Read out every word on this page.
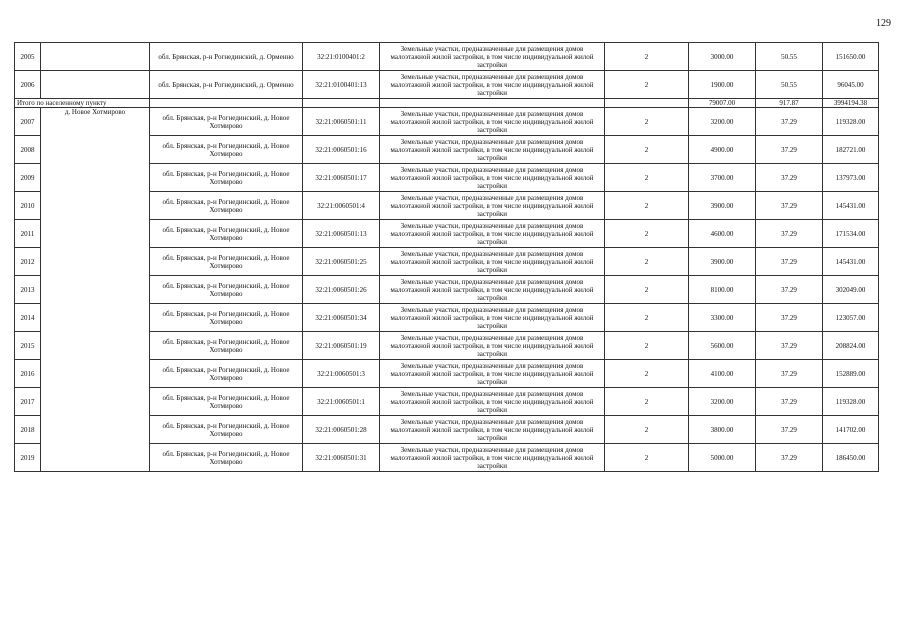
129
2005		обл. Брянская, р-н Рогнединский, д. Орменно	32:21:0100401:2	Земельные участки, предназначенные для размещения домов малоэтажной жилой застройки, в том числе индивидуальной жилой застройки	2	3000.00	50.55	151650.00
2006		обл. Брянская, р-н Рогнединский, д. Орменно	32:21:0100401:13	Земельные участки, предназначенные для размещения домов малоэтажной жилой застройки, в том числе индивидуальной жилой застройки	2	1900.00	50.55	96045.00
Итого по населенному пункту						79007.00	917.87	3994194.38
2007	д. Новое Хотмирово	обл. Брянская, р-н Рогнединский, д. Новое Хотмирово	32:21:0060501:11	Земельные участки, предназначенные для размещения домов малоэтажной жилой застройки, в том числе индивидуальной жилой застройки	2	3200.00	37.29	119328.00
2008		обл. Брянская, р-н Рогнединский, д. Новое Хотмирово	32:21:0060501:16	Земельные участки, предназначенные для размещения домов малоэтажной жилой застройки, в том числе индивидуальной жилой застройки	2	4900.00	37.29	182721.00
2009		обл. Брянская, р-н Рогнединский, д. Новое Хотмирово	32:21:0060501:17	Земельные участки, предназначенные для размещения домов малоэтажной жилой застройки, в том числе индивидуальной жилой застройки	2	3700.00	37.29	137973.00
2010		обл. Брянская, р-н Рогнединский, д. Новое Хотмирово	32:21:0060501:4	Земельные участки, предназначенные для размещения домов малоэтажной жилой застройки, в том числе индивидуальной жилой застройки	2	3900.00	37.29	145431.00
2011		обл. Брянская, р-н Рогнединский, д. Новое Хотмирово	32:21:0060501:13	Земельные участки, предназначенные для размещения домов малоэтажной жилой застройки, в том числе индивидуальной жилой застройки	2	4600.00	37.29	171534.00
2012		обл. Брянская, р-н Рогнединский, д. Новое Хотмирово	32:21:0060501:25	Земельные участки, предназначенные для размещения домов малоэтажной жилой застройки, в том числе индивидуальной жилой застройки	2	3900.00	37.29	145431.00
2013		обл. Брянская, р-н Рогнединский, д. Новое Хотмирово	32:21:0060501:26	Земельные участки, предназначенные для размещения домов малоэтажной жилой застройки, в том числе индивидуальной жилой застройки	2	8100.00	37.29	302049.00
2014		обл. Брянская, р-н Рогнединский, д. Новое Хотмирово	32:21:0060501:34	Земельные участки, предназначенные для размещения домов малоэтажной жилой застройки, в том числе индивидуальной жилой застройки	2	3300.00	37.29	123057.00
2015		обл. Брянская, р-н Рогнединский, д. Новое Хотмирово	32:21:0060501:19	Земельные участки, предназначенные для размещения домов малоэтажной жилой застройки, в том числе индивидуальной жилой застройки	2	5600.00	37.29	208824.00
2016		обл. Брянская, р-н Рогнединский, д. Новое Хотмирово	32:21:0060501:3	Земельные участки, предназначенные для размещения домов малоэтажной жилой застройки, в том числе индивидуальной жилой застройки	2	4100.00	37.29	152889.00
2017		обл. Брянская, р-н Рогнединский, д. Новое Хотмирово	32:21:0060501:1	Земельные участки, предназначенные для размещения домов малоэтажной жилой застройки, в том числе индивидуальной жилой застройки	2	3200.00	37.29	119328.00
2018		обл. Брянская, р-н Рогнединский, д. Новое Хотмирово	32:21:0060501:28	Земельные участки, предназначенные для размещения домов малоэтажной жилой застройки, в том числе индивидуальной жилой застройки	2	3800.00	37.29	141702.00
2019		обл. Брянская, р-н Рогнединский, д. Новое Хотмирово	32:21:0060501:31	Земельные участки, предназначенные для размещения домов малоэтажной жилой застройки, в том числе индивидуальной жилой застройки	2	5000.00	37.29	186450.00
